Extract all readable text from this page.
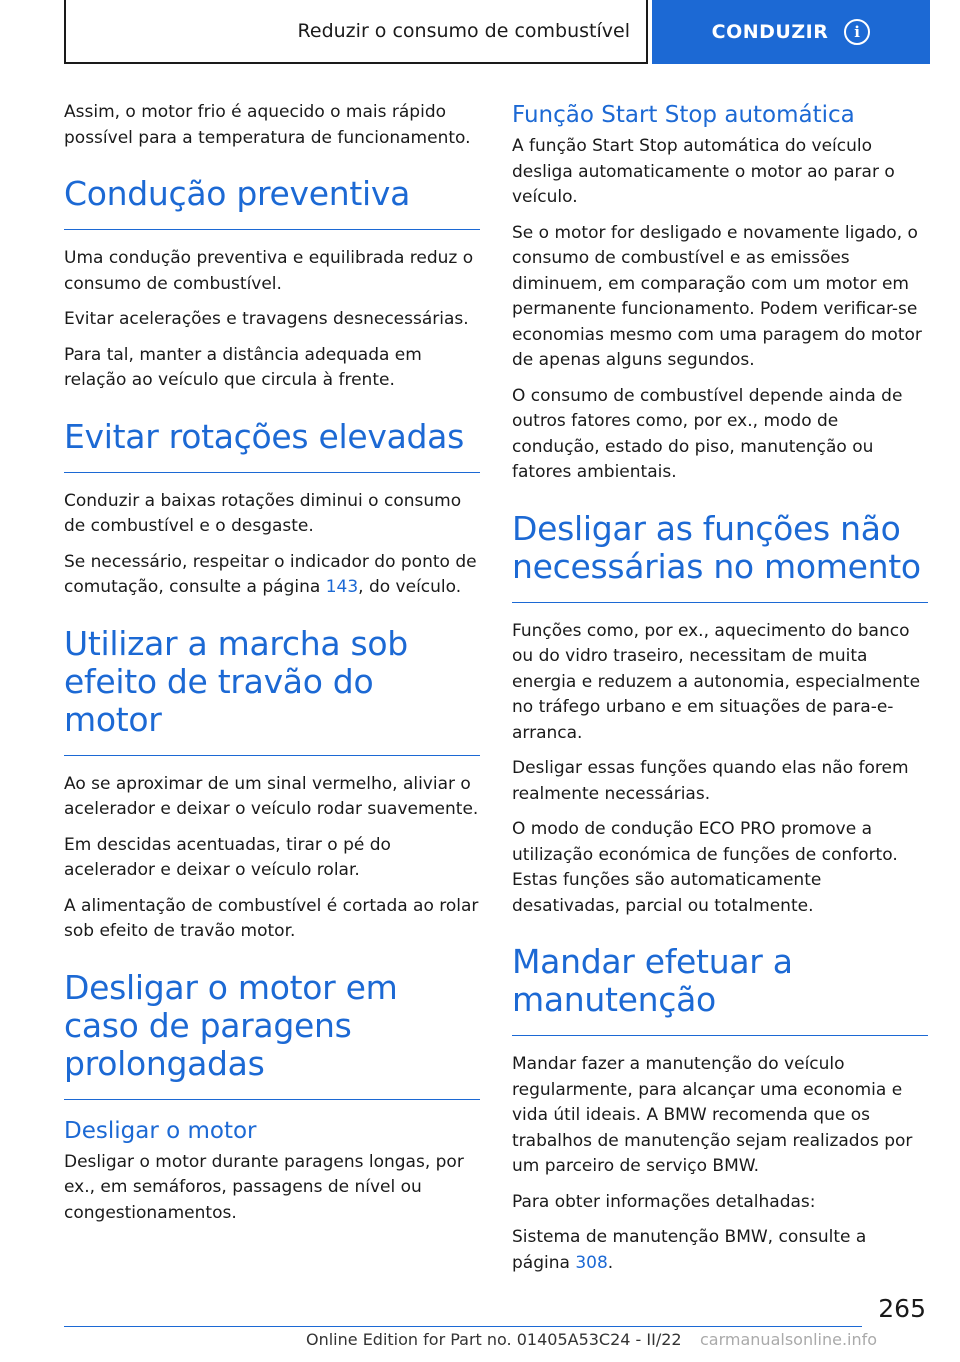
Reduzir o consumo de combustível	CONDUZIR	i

Assim, o motor frio é aquecido o mais rápido possível para a temperatura de funcionamento.

Condução preventiva

Uma condução preventiva e equilibrada reduz o consumo de combustível.

Evitar acelerações e travagens desnecessárias.

Para tal, manter a distância adequada em relação ao veículo que circula à frente.

Evitar rotações elevadas

Conduzir a baixas rotações diminui o consumo de combustível e o desgaste.

Se necessário, respeitar o indicador do ponto de comutação, consulte a página 143, do veículo.

Utilizar a marcha sob efeito de travão do motor

Ao se aproximar de um sinal vermelho, aliviar o acelerador e deixar o veículo rodar suavemente.

Em descidas acentuadas, tirar o pé do acelerador e deixar o veículo rolar.

A alimentação de combustível é cortada ao rolar sob efeito de travão motor.

Desligar o motor em caso de paragens prolongadas
Desligar o motor

Desligar o motor durante paragens longas, por ex., em semáforos, passagens de nível ou congestionamentos.

Função Start Stop automática

A função Start Stop automática do veículo desliga automaticamente o motor ao parar o veículo.

Se o motor for desligado e novamente ligado, o consumo de combustível e as emissões diminuem, em comparação com um motor em permanente funcionamento. Podem verificar-se economias mesmo com uma paragem do motor de apenas alguns segundos.

O consumo de combustível depende ainda de outros fatores como, por ex., modo de condução, estado do piso, manutenção ou fatores ambientais.

Desligar as funções não necessárias no momento

Funções como, por ex., aquecimento do banco ou do vidro traseiro, necessitam de muita energia e reduzem a autonomia, especialmente no tráfego urbano e em situações de para-e-arranca.

Desligar essas funções quando elas não forem realmente necessárias.

O modo de condução ECO PRO promove a utilização económica de funções de conforto. Estas funções são automaticamente desativadas, parcial ou totalmente.

Mandar efetuar a manutenção

Mandar fazer a manutenção do veículo regularmente, para alcançar uma economia e vida útil ideais. A BMW recomenda que os trabalhos de manutenção sejam realizados por um parceiro de serviço BMW.

Para obter informações detalhadas:

Sistema de manutenção BMW, consulte a página 308.

265
Online Edition for Part no. 01405A53C24 - II/22 carmanualsonline.info
